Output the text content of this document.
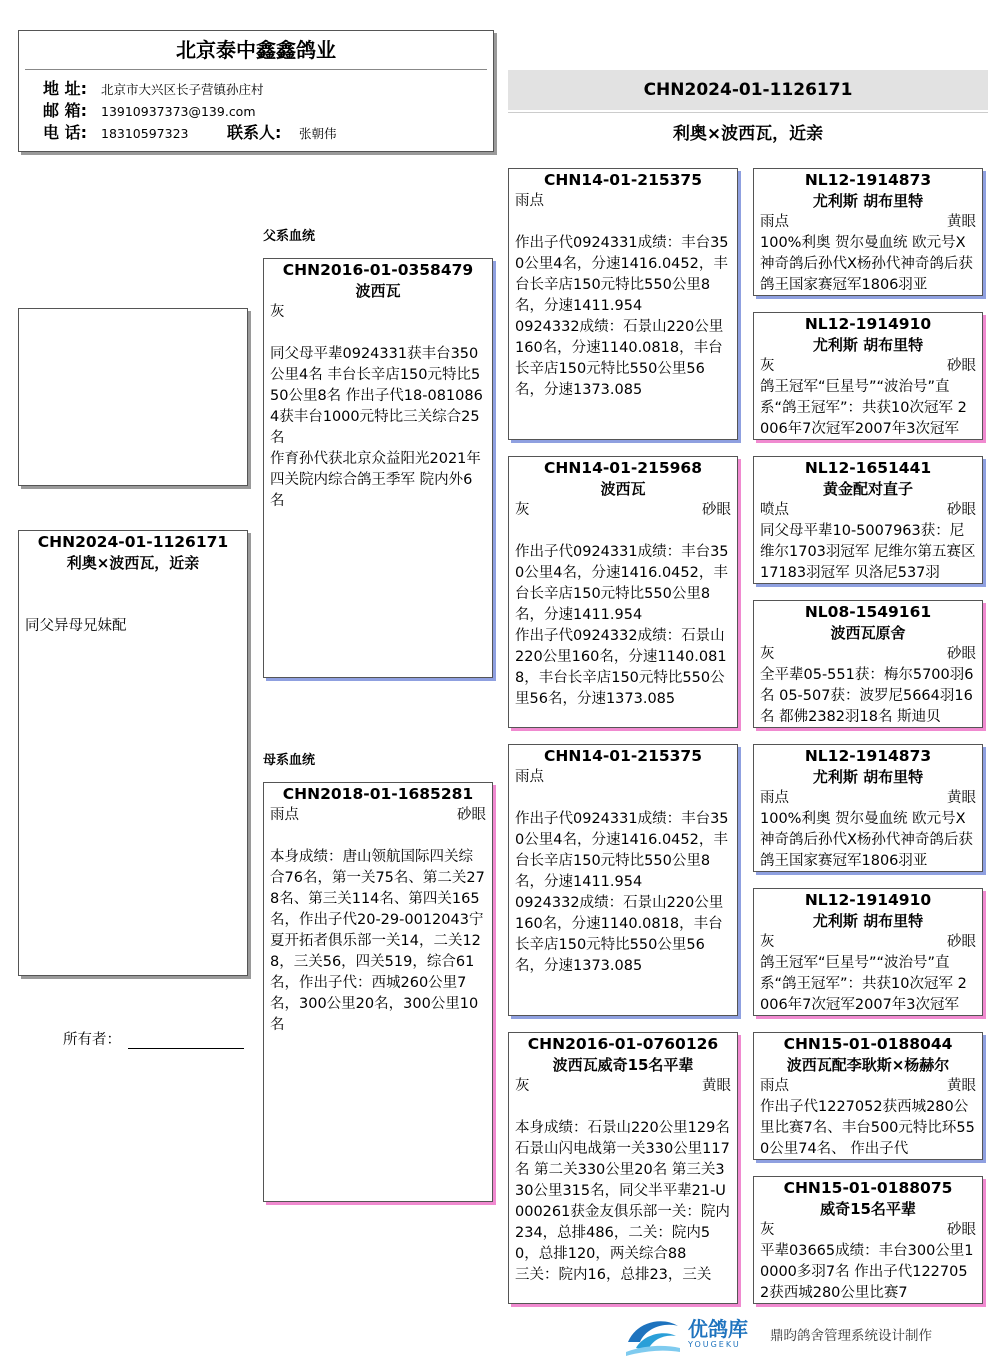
北京泰中鑫鑫鸽业
地 址:	北京市大兴区长子营镇孙庄村
邮 箱:	13910937373@139.com
电 话:	18310597323	联系人:	张朝伟
CHN2024-01-1126171
利奥×波西瓦，近亲
CHN2024-01-1126171
利奥×波西瓦，近亲
同父异母兄妹配
所有者：
父系血统
母系血统
CHN2016-01-0358479
波西瓦
灰
同父母平辈0924331获丰台350公里4名 丰台长辛店150元特比550公里8名 作出子代18-0810864获丰台1000元特比三关综合25名
作育孙代获北京众益阳光2021年四关院内综合鸽王季军 院内外6名
CHN2018-01-1685281
雨点	砂眼
本身成绩：唐山领航国际四关综合76名，第一关75名、第二关278名、第三关114名、第四关165名，作出子代20-29-0012043宁夏开拓者俱乐部一关14，二关128，三关56，四关519，综合61名，作出子代：西城260公里7名，300公里20名，300公里10名
CHN14-01-215375
雨点
作出子代0924331成绩：丰台350公里4名，分速1416.0452，丰台长辛店150元特比550公里8名，分速1411.954
0924332成绩：石景山220公里160名，分速1140.0818，丰台长辛店150元特比550公里56名，分速1373.085
CHN14-01-215968
波西瓦
灰	砂眼
作出子代0924331成绩：丰台350公里4名，分速1416.0452，丰台长辛店150元特比550公里8名，分速1411.954
作出子代0924332成绩：石景山220公里160名，分速1140.0818，丰台长辛店150元特比550公里56名，分速1373.085
CHN14-01-215375
雨点
作出子代0924331成绩：丰台350公里4名，分速1416.0452，丰台长辛店150元特比550公里8名，分速1411.954
0924332成绩：石景山220公里160名，分速1140.0818，丰台长辛店150元特比550公里56名，分速1373.085
CHN2016-01-0760126
波西瓦威奇15名平辈
灰	黄眼
本身成绩：石景山220公里129名 石景山闪电战第一关330公里117名 第二关330公里20名 第三关330公里315名，同父半平辈21-U000261获金友俱乐部一关：院内234，总排486，二关：院内50，总排120，两关综合88
三关：院内16，总排23，三关
NL12-1914873
尤利斯 胡布里特
雨点	黄眼
100%利奥 贺尔曼血统 欧元号X神奇鸽后孙代X杨孙代神奇鸽后获鸽王国家赛冠军1806羽亚
NL12-1914910
尤利斯 胡布里特
灰	砂眼
鸽王冠军“巨星号”“波治号”直系“鸽王冠军”：共获10次冠军 2006年7次冠军2007年3次冠军
NL12-1651441
黄金配对直子
喷点	砂眼
同父母平辈10-5007963获：尼维尔1703羽冠军 尼维尔第五赛区17183羽冠军 贝洛尼537羽
NL08-1549161
波西瓦原舍
灰	砂眼
全平辈05-551获：梅尔5700羽6名 05-507获：波罗尼5664羽16名 都佛2382羽18名 斯迪贝
NL12-1914873
尤利斯 胡布里特
雨点	黄眼
100%利奥 贺尔曼血统 欧元号X神奇鸽后孙代X杨孙代神奇鸽后获鸽王国家赛冠军1806羽亚
NL12-1914910
尤利斯 胡布里特
灰	砂眼
鸽王冠军“巨星号”“波治号”直系“鸽王冠军”：共获10次冠军 2006年7次冠军2007年3次冠军
CHN15-01-0188044
波西瓦配李耿斯×杨赫尔
雨点	黄眼
作出子代1227052获西城280公里比赛7名、丰台500元特比环550公里74名、 作出子代
CHN15-01-0188075
威奇15名平辈
灰	砂眼
平辈03665成绩：丰台300公里10000多羽7名 作出子代1227052获西城280公里比赛7
优鸽库
YOUGEKU
鼎昀鸽舍管理系统设计制作
